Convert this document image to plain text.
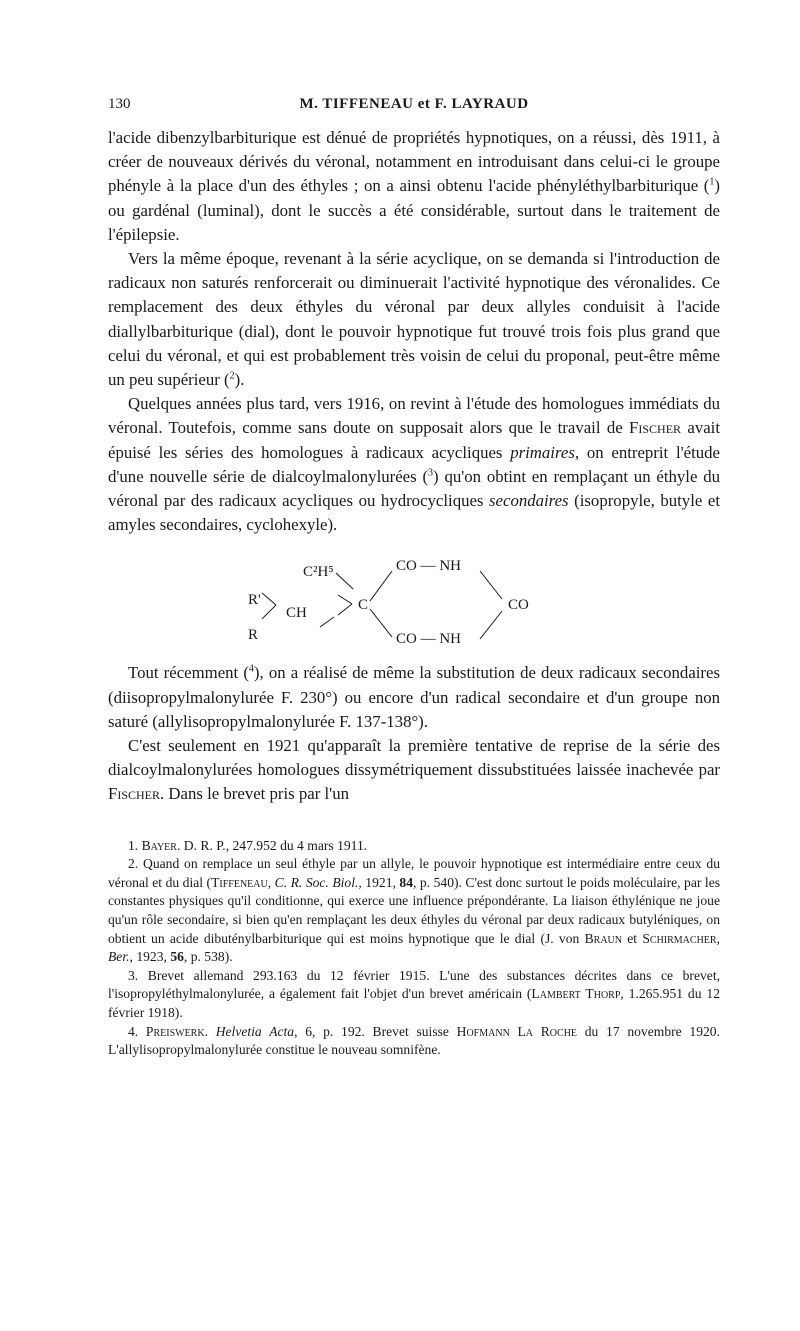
130	M. TIFFENEAU et F. LAYRAUD

l'acide dibenzylbarbiturique est dénué de propriétés hypnotiques, on a réussi, dès 1911, à créer de nouveaux dérivés du véronal, notamment en introduisant dans celui-ci le groupe phényle à la place d'un des éthyles ; on a ainsi obtenu l'acide phényléthylbarbiturique ($^1$) ou gardénal (luminal), dont le succès a été considérable, surtout dans le traitement de l'épilepsie.

Vers la même époque, revenant à la série acyclique, on se demanda si l'introduction de radicaux non saturés renforcerait ou diminuerait l'activité hypnotique des véronalides. Ce remplacement des deux éthyles du véronal par deux allyles conduisit à l'acide diallylbarbiturique (dial), dont le pouvoir hypnotique fut trouvé trois fois plus grand que celui du véronal, et qui est probablement très voisin de celui du proponal, peut-être même un peu supérieur ($^2$).

Quelques années plus tard, vers 1916, on revint à l'étude des homologues immédiats du véronal. Toutefois, comme sans doute on supposait alors que le travail de Fischer avait épuisé les séries des homologues à radicaux acycliques primaires, on entreprit l'étude d'une nouvelle série de dialcoylmalonylurées ($^3$) qu'on obtint en remplaçant un éthyle du véronal par des radicaux acycliques ou hydrocycliques secondaires (isopropyle, butyle et amyles secondaires, cyclohexyle).

C²H⁵
R'
CH
R
C
CO — NH
CO — NH
CO

Tout récemment ($^4$), on a réalisé de même la substitution de deux radicaux secondaires (diisopropylmalonylurée F. 230°) ou encore d'un radical secondaire et d'un groupe non saturé (allylisopropylmalonylurée F. 137-138°).

C'est seulement en 1921 qu'apparaît la première tentative de reprise de la série des dialcoylmalonylurées homologues dissymétriquement dissubstituées laissée inachevée par Fischer. Dans le brevet pris par l'un

1. Bayer. D. R. P., 247.952 du 4 mars 1911.

2. Quand on remplace un seul éthyle par un allyle, le pouvoir hypnotique est intermédiaire entre ceux du véronal et du dial (Tiffeneau, C. R. Soc. Biol., 1921, 84, p. 540). C'est donc surtout le poids moléculaire, par les constantes physiques qu'il conditionne, qui exerce une influence prépondérante. La liaison éthylénique ne joue qu'un rôle secondaire, si bien qu'en remplaçant les deux éthyles du véronal par deux radicaux butyléniques, on obtient un acide dibuténylbarbiturique qui est moins hypnotique que le dial (J. von Braun et Schirmacher, Ber., 1923, 56, p. 538).

3. Brevet allemand 293.163 du 12 février 1915. L'une des substances décrites dans ce brevet, l'isopropyléthylmalonylurée, a également fait l'objet d'un brevet américain (Lambert Thorp, 1.265.951 du 12 février 1918).

4. Preiswerk. Helvetia Acta, 6, p. 192. Brevet suisse Hofmann La Roche du 17 novembre 1920. L'allylisopropylmalonylurée constitue le nouveau somnifène.
